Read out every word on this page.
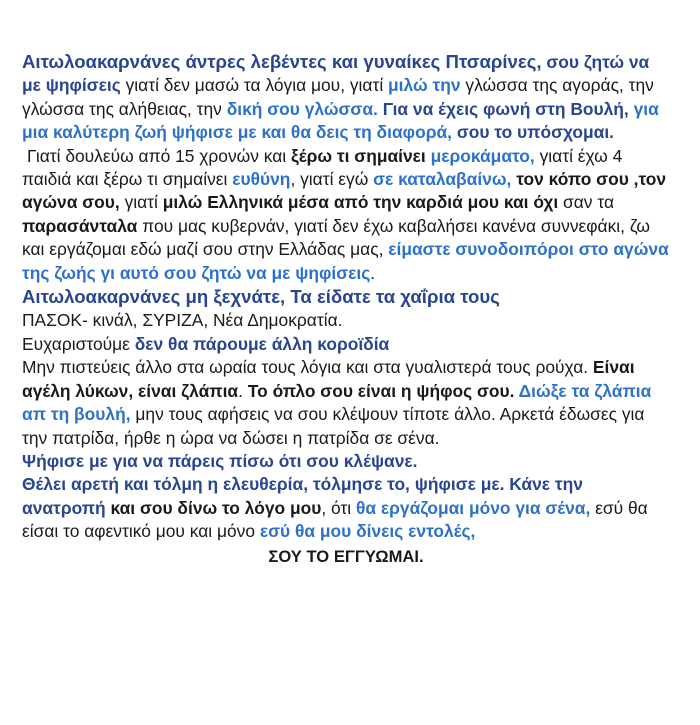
Αιτωλοακαρνάνες άντρες λεβέντες και γυναίκες Πτσαρίνες, σου ζητώ να με ψηφίσεις γιατί δεν μασώ τα λόγια μου, γιατί μιλώ την γλώσσα της αγοράς, την γλώσσα της αλήθειας, την δική σου γλώσσα. Για να έχεις φωνή στη Βουλή, για μια καλύτερη ζωή ψήφισε με και θα δεις τη διαφορά, σου το υπόσχομαι.

Γιατί δουλεύω από 15 χρονών και ξέρω τι σημαίνει μεροκάματο, γιατί έχω 4 παιδιά και ξέρω τι σημαίνει ευθύνη, γιατί εγώ σε καταλαβαίνω, τον κόπο σου ,τον αγώνα σου, γιατί μιλώ Ελληνικά μέσα από την καρδιά μου και όχι σαν τα παρασάνταλα που μας κυβερνάν, γιατί δεν έχω καβαλήσει κανένα συννεφάκι, ζω και εργάζομαι εδώ μαζί σου στην Ελλάδας μας, είμαστε συνοδοιπόροι στο αγώνα της ζωής γι αυτό σου ζητώ να με ψηφίσεις.

Αιτωλοακαρνάνες μη ξεχνάτε, Τα είδατε τα χαΐρια τους
ΠΑΣΟΚ- κινάλ, ΣΥΡΙΖΑ, Νέα Δημοκρατία.
Ευχαριστούμε δεν θα πάρουμε άλλη κοροϊδία
Μην πιστεύεις άλλο στα ωραία τους λόγια και στα γυαλιστερά τους ρούχα. Είναι αγέλη λύκων, είναι ζλάπια. Το όπλο σου είναι η ψήφος σου. Διώξε τα ζλάπια απ τη βουλή, μην τους αφήσεις να σου κλέψουν τίποτε άλλο. Αρκετά έδωσες για την πατρίδα, ήρθε η ώρα να δώσει η πατρίδα σε σένα.

Ψήφισε με για να πάρεις πίσω ότι σου κλέψανε.

Θέλει αρετή και τόλμη η ελευθερία, τόλμησε το, ψήφισε με. Κάνε την ανατροπή και σου δίνω το λόγο μου, ότι θα εργάζομαι μόνο για σένα, εσύ θα είσαι το αφεντικό μου και μόνο εσύ θα μου δίνεις εντολές,

ΣΟΥ ΤΟ ΕΓΓΥΩΜΑΙ.
